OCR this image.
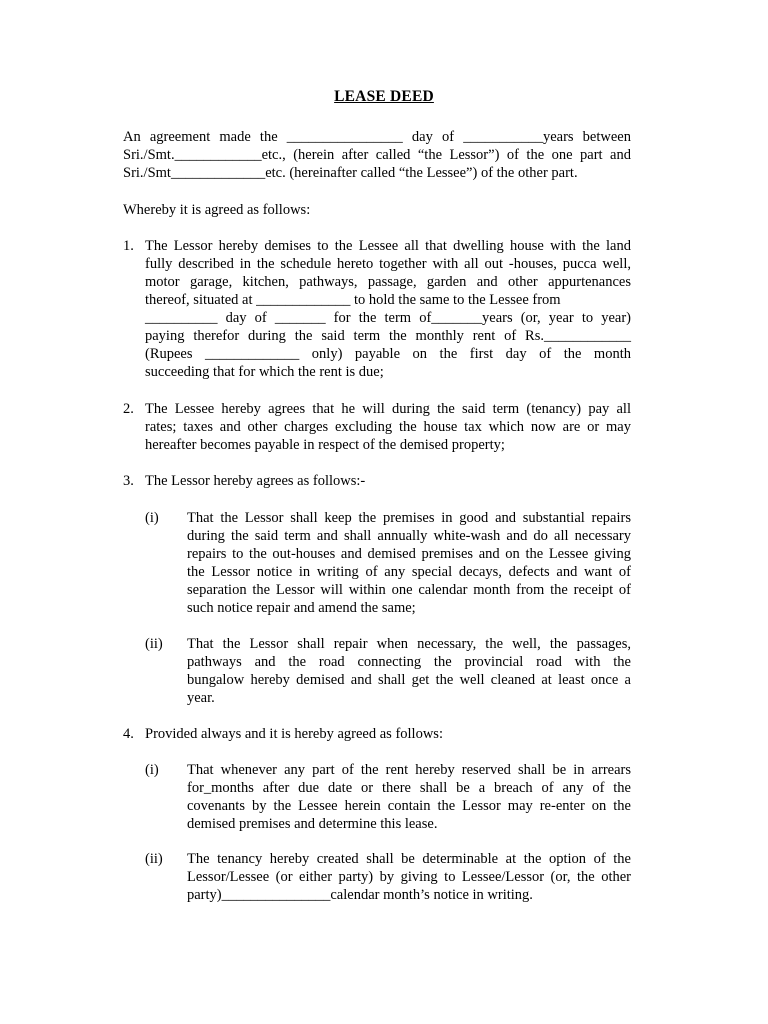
LEASE DEED
An agreement made the ________________ day of ___________years between
Sri./Smt.____________etc., (herein after called “the Lessor”) of the one part and
Sri./Smt_____________etc. (hereinafter called “the Lessee”) of the other part.
Whereby it is agreed as follows:
1. The Lessor hereby demises to the Lessee all that dwelling house with the land
fully described in the schedule hereto together with all out -houses, pucca well,
motor garage, kitchen, pathways, passage, garden and other appurtenances
thereof, situated at _____________ to hold the same to the Lessee from
__________ day of _______ for the term of_______years (or, year to year)
paying therefor during the said term the monthly rent of Rs.____________
(Rupees _____________ only) payable on the first day of the month
succeeding that for which the rent is due;
2. The Lessee hereby agrees that he will during the said term (tenancy) pay all
rates; taxes and other charges excluding the house tax which now are or may
hereafter becomes payable in respect of the demised property;
3. The Lessor hereby agrees as follows:-
(i) That the Lessor shall keep the premises in good and substantial repairs
during the said term and shall annually white-wash and do all necessary
repairs to the out-houses and demised premises and on the Lessee giving
the Lessor notice in writing of any special decays, defects and want of
separation the Lessor will within one calendar month from the receipt of
such notice repair and amend the same;
(ii) That the Lessor shall repair when necessary, the well, the passages,
pathways and the road connecting the provincial road with the
bungalow hereby demised and shall get the well cleaned at least once a
year.
4. Provided always and it is hereby agreed as follows:
(i) That whenever any part of the rent hereby reserved shall be in arrears
for_months after due date or there shall be a breach of any of the
covenants by the Lessee herein contain the Lessor may re-enter on the
demised premises and determine this lease.
(ii) The tenancy hereby created shall be determinable at the option of the
Lessor/Lessee (or either party) by giving to Lessee/Lessor (or, the other
party)_______________calendar month’s notice in writing.
